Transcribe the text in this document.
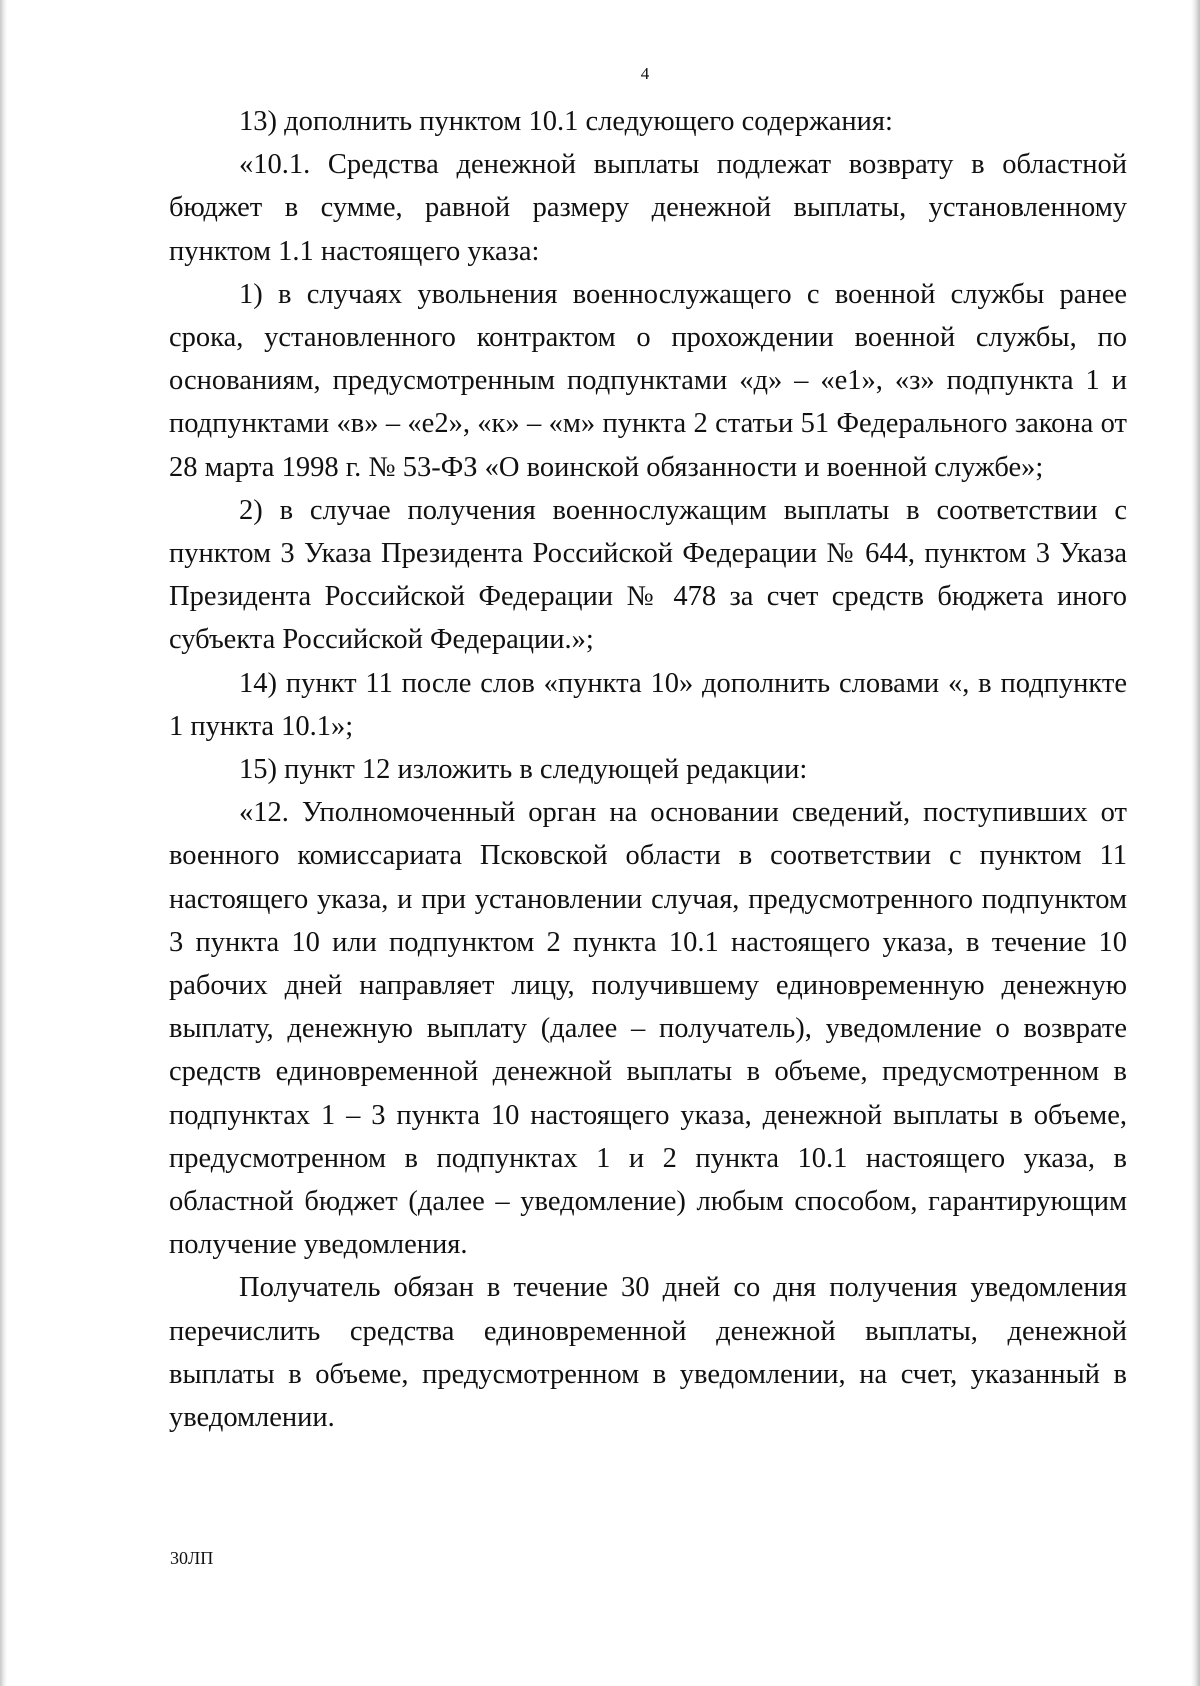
4

13) дополнить пунктом 10.1 следующего содержания:

«10.1. Средства денежной выплаты подлежат возврату в областной бюджет в сумме, равной размеру денежной выплаты, установленному пунктом 1.1 настоящего указа:

1) в случаях увольнения военнослужащего с военной службы ранее срока, установленного контрактом о прохождении военной службы, по основаниям, предусмотренным подпунктами «д» – «е1», «з» подпункта 1 и подпунктами «в» – «е2», «к» – «м» пункта 2 статьи 51 Федерального закона от 28 марта 1998 г. № 53-ФЗ «О воинской обязанности и военной службе»;

2) в случае получения военнослужащим выплаты в соответствии с пунктом 3 Указа Президента Российской Федерации № 644, пунктом 3 Указа Президента Российской Федерации № 478 за счет средств бюджета иного субъекта Российской Федерации.»;

14) пункт 11 после слов «пункта 10» дополнить словами «, в подпункте 1 пункта 10.1»;

15) пункт 12 изложить в следующей редакции:

«12. Уполномоченный орган на основании сведений, поступивших от военного комиссариата Псковской области в соответствии с пунктом 11 настоящего указа, и при установлении случая, предусмотренного подпунктом 3 пункта 10 или подпунктом 2 пункта 10.1 настоящего указа, в течение 10 рабочих дней направляет лицу, получившему единовременную денежную выплату, денежную выплату (далее – получатель), уведомление о возврате средств единовременной денежной выплаты в объеме, предусмотренном в подпунктах 1 – 3 пункта 10 настоящего указа, денежной выплаты в объеме, предусмотренном в подпунктах 1 и 2 пункта 10.1 настоящего указа, в областной бюджет (далее – уведомление) любым способом, гарантирующим получение уведомления.

Получатель обязан в течение 30 дней со дня получения уведомления перечислить средства единовременной денежной выплаты, денежной выплаты в объеме, предусмотренном в уведомлении, на счет, указанный в уведомлении.

30ЛП
